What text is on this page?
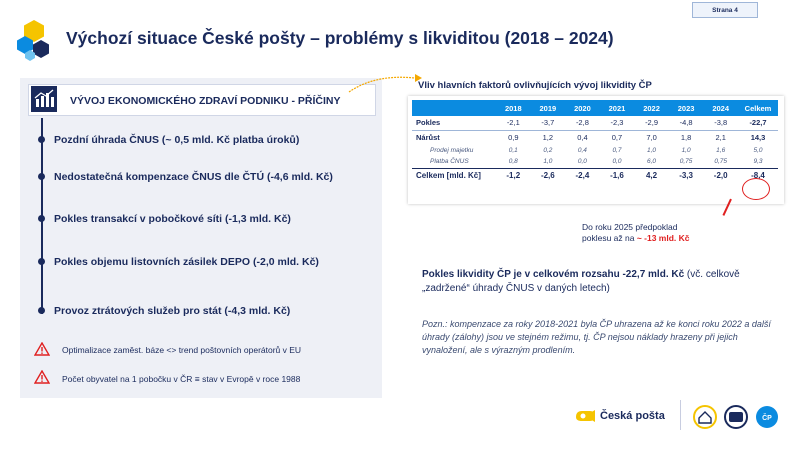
Strana 4
Výchozí situace České pošty – problémy s likviditou (2018 – 2024)
VÝVOJ EKONOMICKÉHO ZDRAVÍ PODNIKU - PŘÍČINY
Pozdní úhrada ČNUS (~ 0,5 mld. Kč platba úroků)
Nedostatečná kompenzace ČNUS dle ČTÚ (-4,6 mld. Kč)
Pokles transakcí v pobočkové síti (-1,3 mld. Kč)
Pokles objemu listovních zásilek DEPO (-2,0 mld. Kč)
Provoz ztrátových služeb pro stát (-4,3 mld. Kč)
Optimalizace zaměst. báze <> trend poštovních operátorů v EU
Počet obyvatel na 1 pobočku v ČR ≡ stav v Evropě v roce 1988
Vliv hlavních faktorů ovlivňujících vývoj likvidity ČP
	2018	2019	2020	2021	2022	2023	2024	Celkem
Pokles	-2,1	-3,7	-2,8	-2,3	-2,9	-4,8	-3,8	-22,7
Nárůst	0,9	1,2	0,4	0,7	7,0	1,8	2,1	14,3
Prodej majetku	0,1	0,2	0,4	0,7	1,0	1,0	1,6	5,0
Platba ČNUS	0,8	1,0	0,0	0,0	6,0	0,75	0,75	9,3
Celkem [mld. Kč]	-1,2	-2,6	-2,4	-1,6	4,2	-3,3	-2,0	-8,4
Do roku 2025 předpoklad
poklesu až na ~ -13 mld. Kč
Pokles likvidity ČP je v celkovém rozsahu -22,7 mld. Kč (vč. celkově „zadržené“ úhrady ČNUS v daných letech)
Pozn.: kompenzace za roky 2018-2021 byla ČP uhrazena až ke konci roku 2022 a další úhrady (zálohy) jsou ve stejném režimu, tj. ČP nejsou náklady hrazeny při jejich vynaložení, ale s výrazným prodlením.
Česká pošta	ČP
